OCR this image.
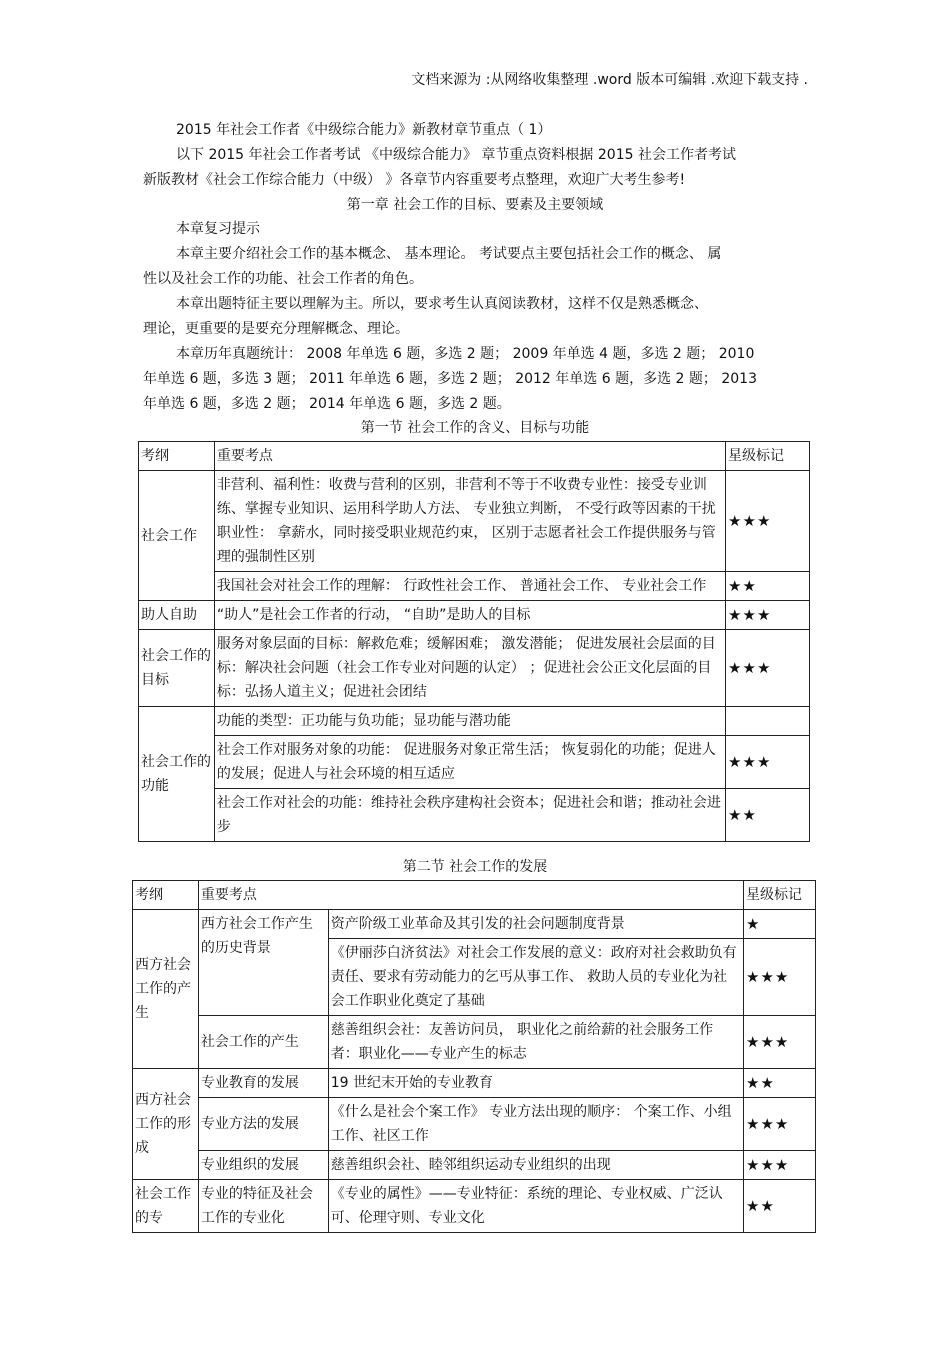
文档来源为 :从网络收集整理 .word 版本可编辑 .欢迎下载支持 .
2015 年社会工作者《中级综合能力》新教材章节重点（ 1）
以下 2015 年社会工作者考试 《中级综合能力》 章节重点资料根据 2015 社会工作者考试
新版教材《社会工作综合能力（中级） 》各章节内容重要考点整理，欢迎广大考生参考!
第一章 社会工作的目标、要素及主要领域
本章复习提示
本章主要介绍社会工作的基本概念、 基本理论。 考试要点主要包括社会工作的概念、 属
性以及社会工作的功能、社会工作者的角色。
本章出题特征主要以理解为主。所以，要求考生认真阅读教材，这样不仅是熟悉概念、
理论，更重要的是要充分理解概念、理论。
本章历年真题统计： 2008 年单选 6 题，多选 2 题； 2009 年单选 4 题，多选 2 题； 2010
年单选 6 题，多选 3 题； 2011 年单选 6 题，多选 2 题； 2012 年单选 6 题，多选 2 题； 2013
年单选 6 题，多选 2 题； 2014 年单选 6 题，多选 2 题。
第一节 社会工作的含义、目标与功能
考纲	重要考点	星级标记
社会工作	非营利、福利性：收费与营利的区别，非营利不等于不收费专业性：接受专业训练、掌握专业知识、运用科学助人方法、 专业独立判断， 不受行政等因素的干扰职业性： 拿薪水，同时接受职业规范约束， 区别于志愿者社会工作提供服务与管理的强制性区别	★★★
	我国社会对社会工作的理解： 行政性社会工作、 普通社会工作、 专业社会工作	★★
助人自助	“助人”是社会工作者的行动， “自助”是助人的目标	★★★
社会工作的目标	服务对象层面的目标：解救危难；缓解困难； 激发潜能； 促进发展社会层面的目标：解决社会问题（社会工作专业对问题的认定） ；促进社会公正文化层面的目标：弘扬人道主义；促进社会团结	★★★
社会工作的功能	功能的类型：正功能与负功能；显功能与潜功能	
	社会工作对服务对象的功能： 促进服务对象正常生活； 恢复弱化的功能；促进人的发展；促进人与社会环境的相互适应	★★★
	社会工作对社会的功能：维持社会秩序建构社会资本；促进社会和谐；推动社会进步	★★
第二节 社会工作的发展
考纲	重要考点		星级标记
西方社会工作的产生	西方社会工作产生的历史背景	资产阶级工业革命及其引发的社会问题制度背景	★
		《伊丽莎白济贫法》对社会工作发展的意义：政府对社会救助负有责任、要求有劳动能力的乞丐从事工作、 救助人员的专业化为社会工作职业化奠定了基础	★★★
	社会工作的产生	慈善组织会社：友善访问员， 职业化之前给薪的社会服务工作者：职业化——专业产生的标志	★★★
西方社会工作的形成	专业教育的发展	19 世纪末开始的专业教育	★★
	专业方法的发展	《什么是社会个案工作》 专业方法出现的顺序： 个案工作、小组工作、社区工作	★★★
	专业组织的发展	慈善组织会社、睦邻组织运动专业组织的出现	★★★
社会工作的专	专业的特征及社会工作的专业化	《专业的属性》——专业特征：系统的理论、专业权威、广泛认可、伦理守则、专业文化	★★
